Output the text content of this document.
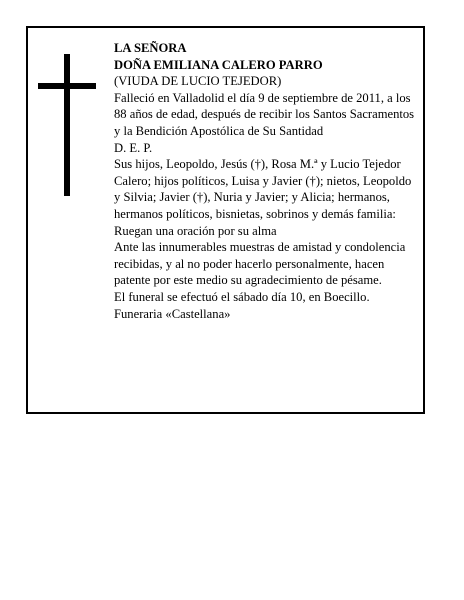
LA SEÑORA
DOÑA EMILIANA CALERO PARRO
(VIUDA DE LUCIO TEJEDOR)
Falleció en Valladolid el día 9 de septiembre de 2011, a los 88 años de edad, después de recibir los Santos Sacramentos y la Bendición Apostólica de Su Santidad
D. E. P.
Sus hijos, Leopoldo, Jesús (†), Rosa M.ª y Lucio Tejedor Calero; hijos políticos, Luisa y Javier (†); nietos, Leopoldo y Silvia; Javier (†), Nuria y Javier; y Alicia; hermanos, hermanos políticos, bisnietas, sobrinos y demás familia:
Ruegan una oración por su alma
Ante las innumerables muestras de amistad y condolencia recibidas, y al no poder hacerlo personalmente, hacen patente por este medio su agradecimiento de pésame.
El funeral se efectuó el sábado día 10, en Boecillo.
Funeraria «Castellana»
